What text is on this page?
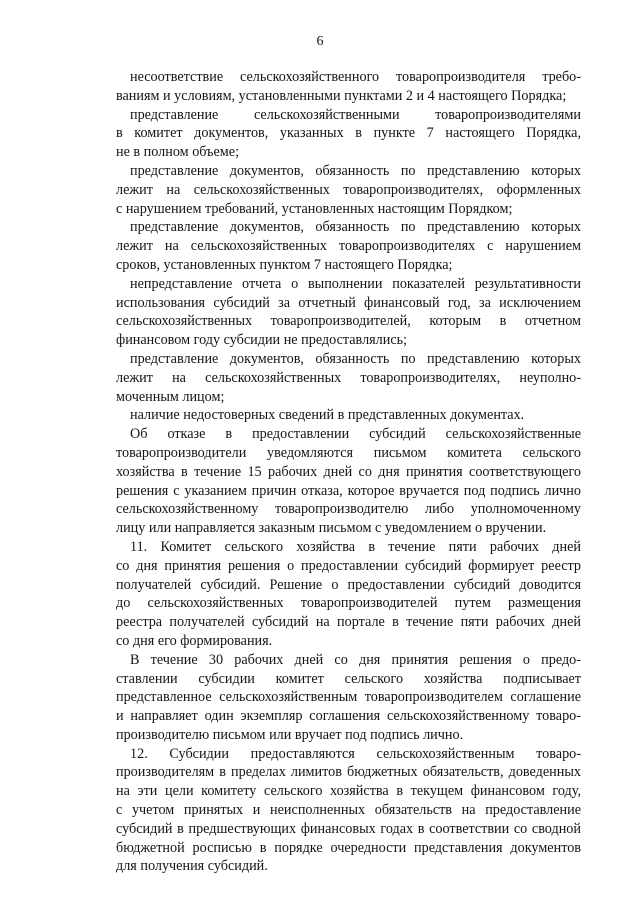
6
несоответствие сельскохозяйственного товаропроизводителя требо-
ваниям и условиям, установленными пунктами 2 и 4 настоящего Порядка;
представление сельскохозяйственными товаропроизводителями
в комитет документов, указанных в пункте 7 настоящего Порядка,
не в полном объеме;
представление документов, обязанность по представлению которых
лежит на сельскохозяйственных товаропроизводителях, оформленных
с нарушением требований, установленных настоящим Порядком;
представление документов, обязанность по представлению которых
лежит на сельскохозяйственных товаропроизводителях с нарушением
сроков, установленных пунктом 7 настоящего Порядка;
непредставление отчета о выполнении показателей результативности
использования субсидий за отчетный финансовый год, за исключением
сельскохозяйственных товаропроизводителей, которым в отчетном
финансовом году субсидии не предоставлялись;
представление документов, обязанность по представлению которых
лежит на сельскохозяйственных товаропроизводителях, неуполно-
моченным лицом;
наличие недостоверных сведений в представленных документах.
Об отказе в предоставлении субсидий сельскохозяйственные
товаропроизводители уведомляются письмом комитета сельского
хозяйства в течение 15 рабочих дней со дня принятия соответствующего
решения с указанием причин отказа, которое вручается под подпись лично
сельскохозяйственному товаропроизводителю либо уполномоченному
лицу или направляется заказным письмом с уведомлением о вручении.
11. Комитет сельского хозяйства в течение пяти рабочих дней
со дня принятия решения о предоставлении субсидий формирует реестр
получателей субсидий. Решение о предоставлении субсидий доводится
до сельскохозяйственных товаропроизводителей путем размещения
реестра получателей субсидий на портале в течение пяти рабочих дней
со дня его формирования.
В течение 30 рабочих дней со дня принятия решения о предо-
ставлении субсидии комитет сельского хозяйства подписывает
представленное сельскохозяйственным товаропроизводителем соглашение
и направляет один экземпляр соглашения сельскохозяйственному товаро-
производителю письмом или вручает под подпись лично.
12. Субсидии предоставляются сельскохозяйственным товаро-
производителям в пределах лимитов бюджетных обязательств, доведенных
на эти цели комитету сельского хозяйства в текущем финансовом году,
с учетом принятых и неисполненных обязательств на предоставление
субсидий в предшествующих финансовых годах в соответствии со сводной
бюджетной росписью в порядке очередности представления документов
для получения субсидий.
